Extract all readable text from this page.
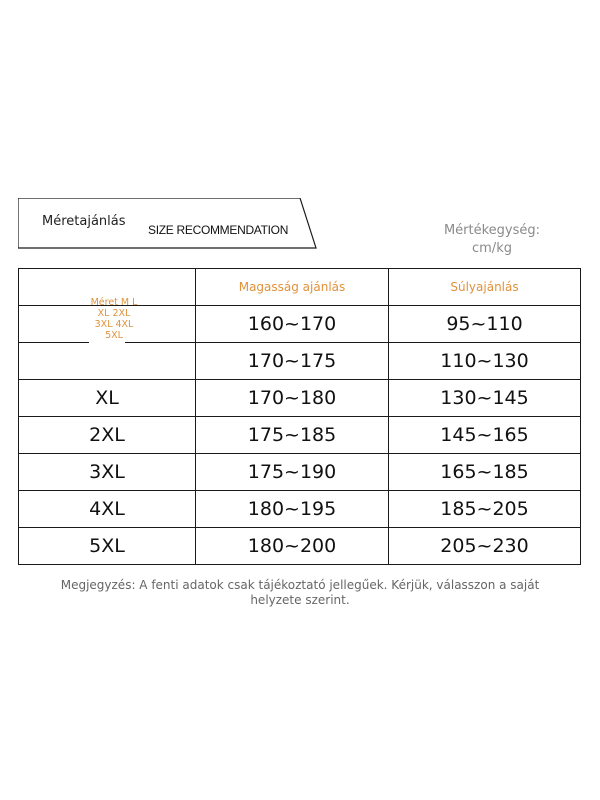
Méretajánlás
SIZE RECOMMENDATION	Mértékegység:
cm/kg
	Magasság ajánlás	Súlyajánlás
	160~170	95~110
	170~175	110~130
XL	170~180	130~145
2XL	175~185	145~165
3XL	175~190	165~185
4XL	180~195	185~205
5XL	180~200	205~230
Méret M L
XL 2XL
3XL 4XL
5XL
Megjegyzés: A fenti adatok csak tájékoztató jellegűek. Kérjük, válasszon a saját helyzete szerint.
